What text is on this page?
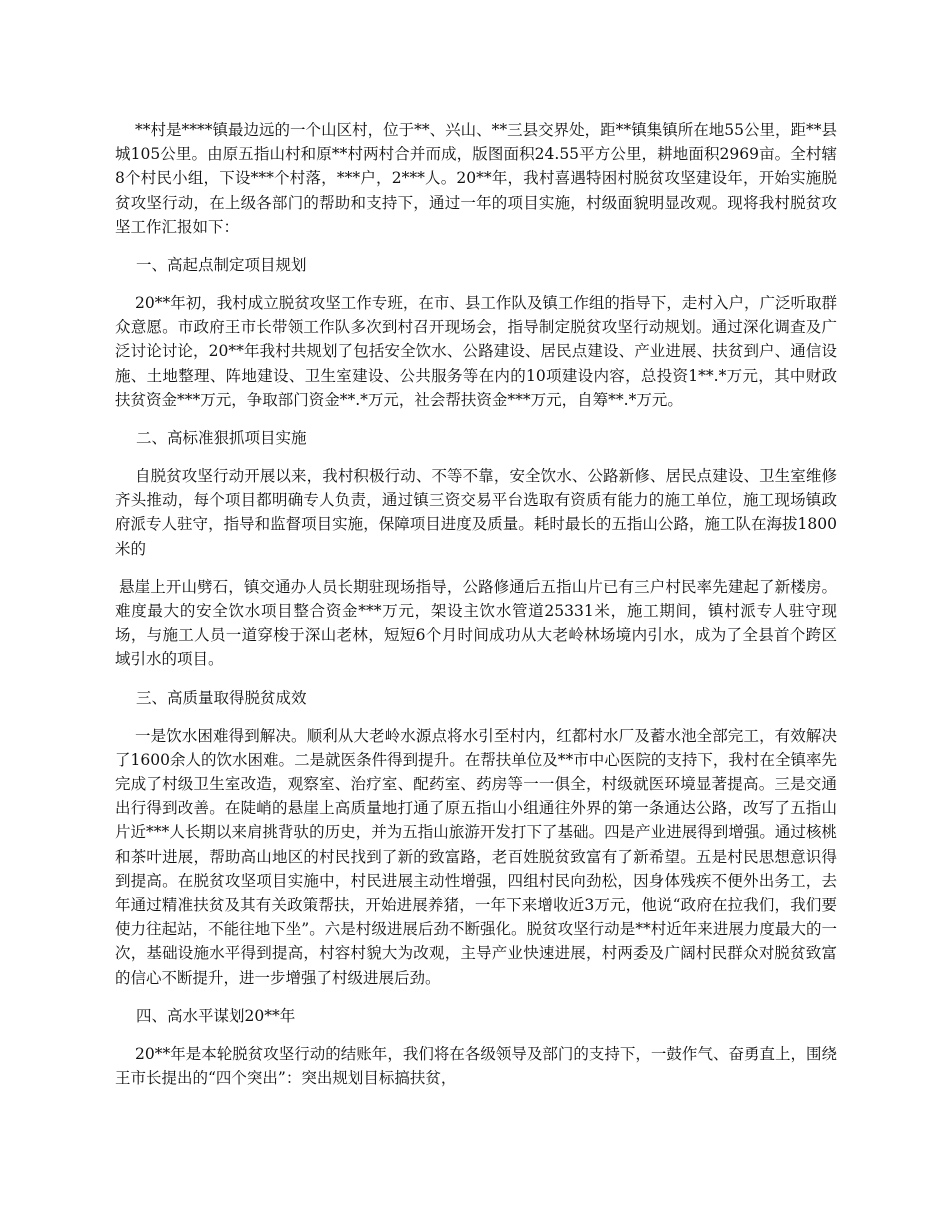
**村是****镇最边远的一个山区村，位于**、兴山、**三县交界处，距**镇集镇所在地55公里，距**县城105公里。由原五指山村和原**村两村合并而成，版图面积24.55平方公里，耕地面积2969亩。全村辖8个村民小组，下设***个村落，***户，2***人。20**年，我村喜遇特困村脱贫攻坚建设年，开始实施脱贫攻坚行动，在上级各部门的帮助和支持下，通过一年的项目实施，村级面貌明显改观。现将我村脱贫攻坚工作汇报如下：

一、高起点制定项目规划

20**年初，我村成立脱贫攻坚工作专班，在市、县工作队及镇工作组的指导下，走村入户，广泛听取群众意愿。市政府王市长带领工作队多次到村召开现场会，指导制定脱贫攻坚行动规划。通过深化调查及广泛讨论讨论，20**年我村共规划了包括安全饮水、公路建设、居民点建设、产业进展、扶贫到户、通信设施、土地整理、阵地建设、卫生室建设、公共服务等在内的10项建设内容，总投资1**.*万元，其中财政扶贫资金***万元，争取部门资金**.*万元，社会帮扶资金***万元，自筹**.*万元。

二、高标准狠抓项目实施

自脱贫攻坚行动开展以来，我村积极行动、不等不靠，安全饮水、公路新修、居民点建设、卫生室维修齐头推动，每个项目都明确专人负责，通过镇三资交易平台选取有资质有能力的施工单位，施工现场镇政府派专人驻守，指导和监督项目实施，保障项目进度及质量。耗时最长的五指山公路，施工队在海拔1800米的

悬崖上开山劈石，镇交通办人员长期驻现场指导，公路修通后五指山片已有三户村民率先建起了新楼房。难度最大的安全饮水项目整合资金***万元，架设主饮水管道25331米，施工期间，镇村派专人驻守现场，与施工人员一道穿梭于深山老林，短短6个月时间成功从大老岭林场境内引水，成为了全县首个跨区域引水的项目。

三、高质量取得脱贫成效

一是饮水困难得到解决。顺利从大老岭水源点将水引至村内，红都村水厂及蓄水池全部完工，有效解决了1600余人的饮水困难。二是就医条件得到提升。在帮扶单位及**市中心医院的支持下，我村在全镇率先完成了村级卫生室改造，观察室、治疗室、配药室、药房等一一俱全，村级就医环境显著提高。三是交通出行得到改善。在陡峭的悬崖上高质量地打通了原五指山小组通往外界的第一条通达公路，改写了五指山片近***人长期以来肩挑背驮的历史，并为五指山旅游开发打下了基础。四是产业进展得到增强。通过核桃和茶叶进展，帮助高山地区的村民找到了新的致富路，老百姓脱贫致富有了新希望。五是村民思想意识得到提高。在脱贫攻坚项目实施中，村民进展主动性增强，四组村民向劲松，因身体残疾不便外出务工，去年通过精准扶贫及其有关政策帮扶，开始进展养猪，一年下来增收近3万元，他说“政府在拉我们，我们要使力往起站，不能往地下坐”。六是村级进展后劲不断强化。脱贫攻坚行动是**村近年来进展力度最大的一次，基础设施水平得到提高，村容村貌大为改观，主导产业快速进展，村两委及广阔村民群众对脱贫致富的信心不断提升，进一步增强了村级进展后劲。

四、高水平谋划20**年

20**年是本轮脱贫攻坚行动的结账年，我们将在各级领导及部门的支持下，一鼓作气、奋勇直上，围绕王市长提出的“四个突出”：突出规划目标搞扶贫，
